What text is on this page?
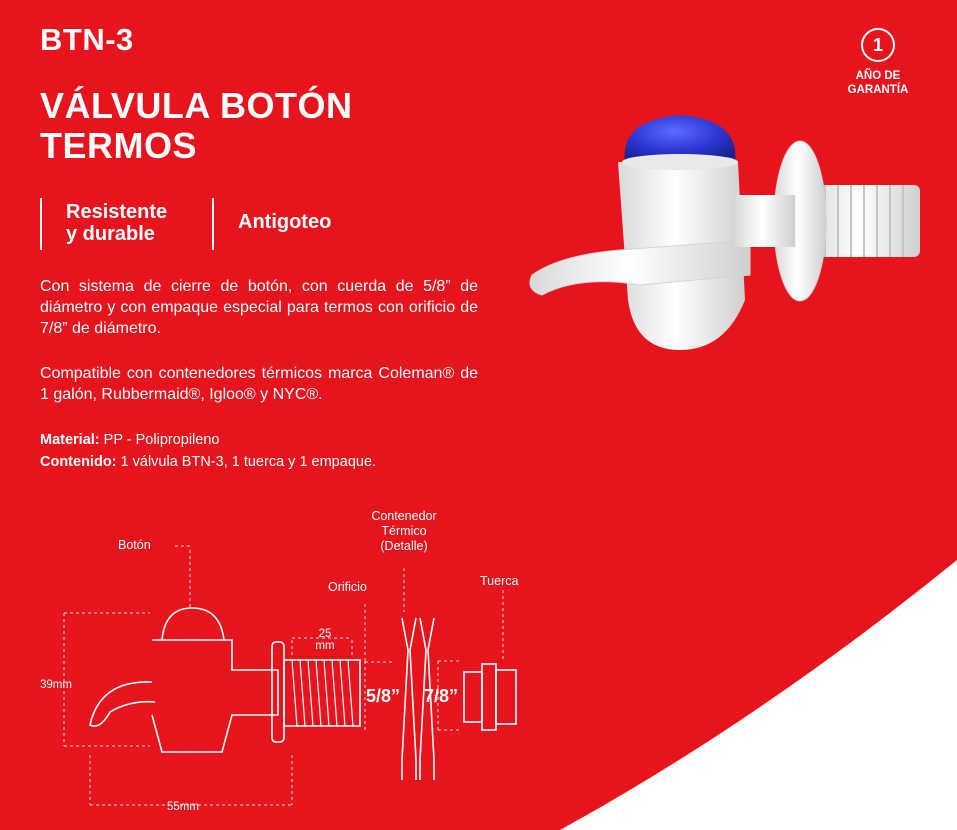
BTN-3
VÁLVULA BOTÓN
TERMOS
1
AÑO DE
GARANTÍA
Resistente
y durable
Antigoteo
Con sistema de cierre de botón, con cuerda de 5/8” de diámetro y con empaque especial para termos con orificio de 7/8” de diámetro.
Compatible con contenedores térmicos marca Coleman® de 1 galón, Rubbermaid®, Igloo® y NYC®.
Material: PP - Polipropileno
Contenido: 1 válvula BTN-3, 1 tuerca y 1 empaque.
Botón
Contenedor
Térmico
(Detalle)
Orificio	Tuerca
39mm
55mm
25
mm
5/8” 7/8”
